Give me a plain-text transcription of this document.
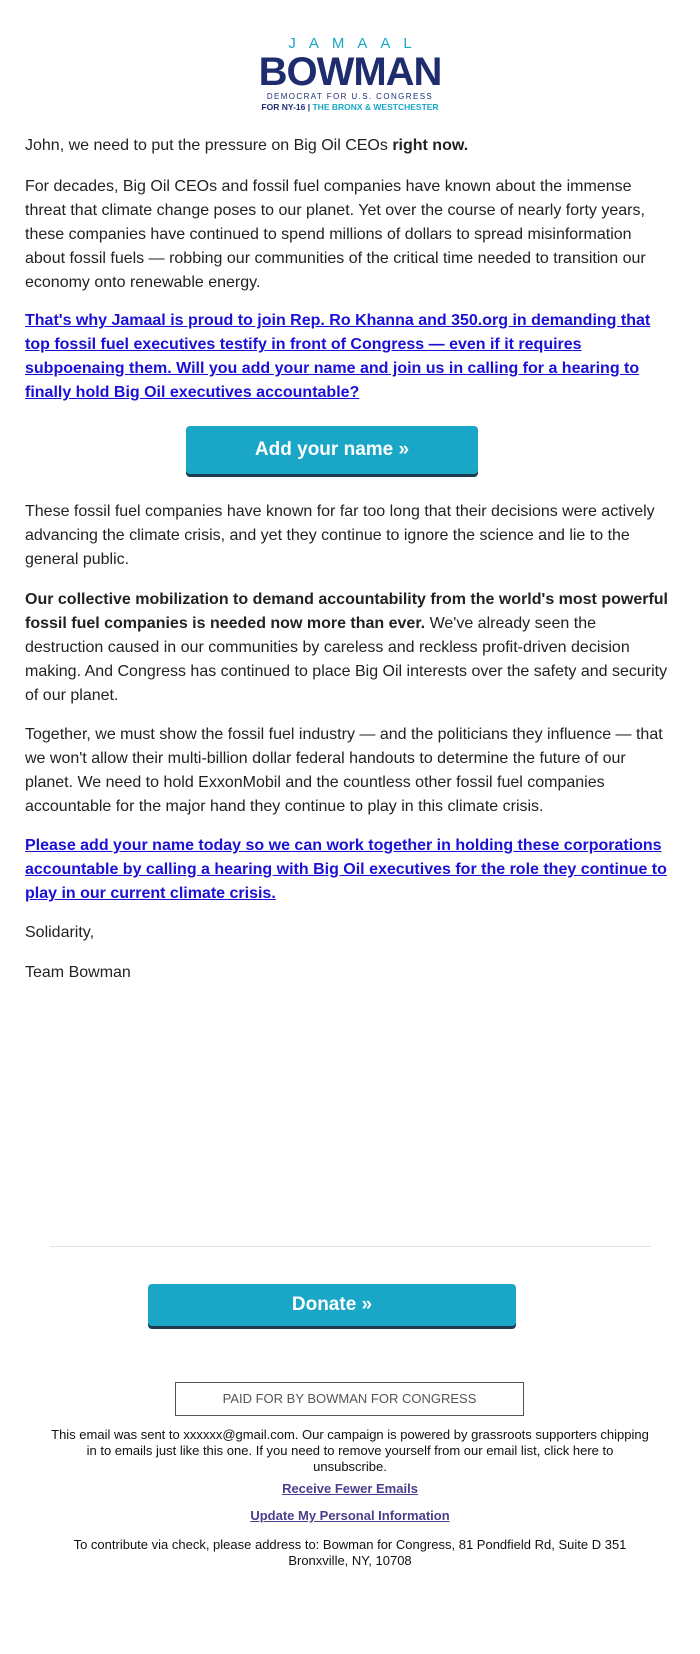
JAMAAL
BOWMAN
DEMOCRAT FOR U.S. CONGRESS
FOR NY-16 | THE BRONX & WESTCHESTER

John, we need to put the pressure on Big Oil CEOs right now.

For decades, Big Oil CEOs and fossil fuel companies have known about the immense threat that climate change poses to our planet. Yet over the course of nearly forty years, these companies have continued to spend millions of dollars to spread misinformation about fossil fuels — robbing our communities of the critical time needed to transition our economy onto renewable energy.

That's why Jamaal is proud to join Rep. Ro Khanna and 350.org in demanding that top fossil fuel executives testify in front of Congress — even if it requires subpoenaing them. Will you add your name and join us in calling for a hearing to finally hold Big Oil executives accountable?

Add your name »

These fossil fuel companies have known for far too long that their decisions were actively advancing the climate crisis, and yet they continue to ignore the science and lie to the general public.

Our collective mobilization to demand accountability from the world's most powerful fossil fuel companies is needed now more than ever. We've already seen the destruction caused in our communities by careless and reckless profit-driven decision making. And Congress has continued to place Big Oil interests over the safety and security of our planet.

Together, we must show the fossil fuel industry — and the politicians they influence — that we won't allow their multi-billion dollar federal handouts to determine the future of our planet. We need to hold ExxonMobil and the countless other fossil fuel companies accountable for the major hand they continue to play in this climate crisis.

Please add your name today so we can work together in holding these corporations accountable by calling a hearing with Big Oil executives for the role they continue to play in our current climate crisis.

Solidarity,

Team Bowman

Donate »
PAID FOR BY BOWMAN FOR CONGRESS
This email was sent to xxxxxx@gmail.com. Our campaign is powered by grassroots supporters chipping in to emails just like this one. If you need to remove yourself from our email list, click here to unsubscribe.
Receive Fewer Emails
Update My Personal Information
To contribute via check, please address to: Bowman for Congress, 81 Pondfield Rd, Suite D 351 Bronxville, NY, 10708
